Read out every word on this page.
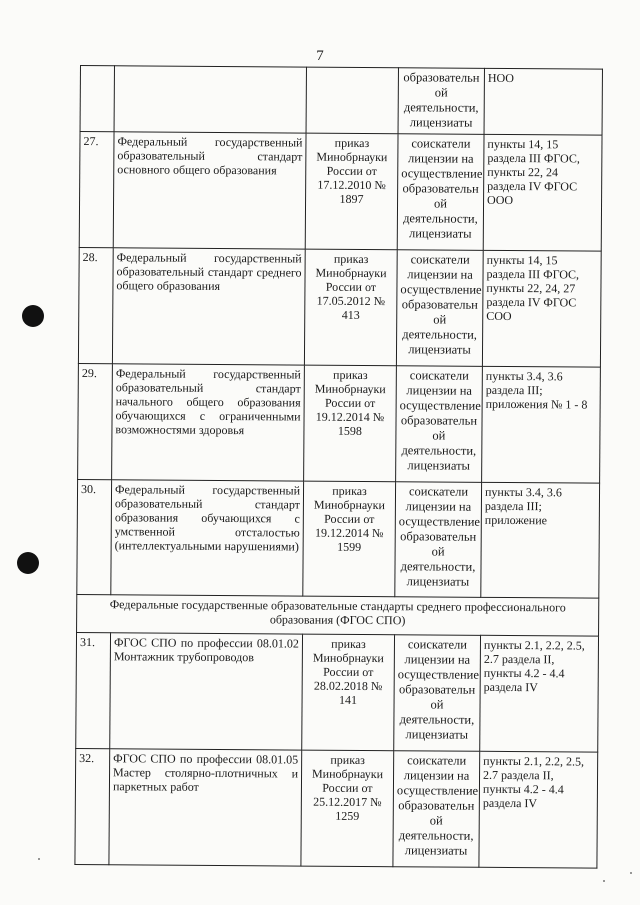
7
			образовательн ой деятельности, лицензиаты	НОО
27.	Федеральный государственный образовательный стандарт основного общего образования	приказ Минобрнауки России от 17.12.2010 № 1897	соискатели лицензии на осуществление образовательн ой деятельности, лицензиаты	пункты 14, 15 раздела III ФГОС, пункты 22, 24 раздела IV ФГОС ООО
28.	Федеральный государственный образовательный стандарт среднего общего образования	приказ Минобрнауки России от 17.05.2012 № 413	соискатели лицензии на осуществление образовательн ой деятельности, лицензиаты	пункты 14, 15 раздела III ФГОС, пункты 22, 24, 27 раздела IV ФГОС СОО
29.	Федеральный государственный образовательный стандарт начального общего образования обучающихся с ограниченными возможностями здоровья	приказ Минобрнауки России от 19.12.2014 № 1598	соискатели лицензии на осуществление образовательн ой деятельности, лицензиаты	пункты 3.4, 3.6 раздела III; приложения № 1 - 8
30.	Федеральный государственный образовательный стандарт образования обучающихся с умственной отсталостью (интеллектуальными нарушениями)	приказ Минобрнауки России от 19.12.2014 № 1599	соискатели лицензии на осуществление образовательн ой деятельности, лицензиаты	пункты 3.4, 3.6 раздела III; приложение
Федеральные государственные образовательные стандарты среднего профессионального образования (ФГОС СПО)				
31.	ФГОС СПО по профессии 08.01.02 Монтажник трубопроводов	приказ Минобрнауки России от 28.02.2018 № 141	соискатели лицензии на осуществление образовательн ой деятельности, лицензиаты	пункты 2.1, 2.2, 2.5, 2.7 раздела II, пункты 4.2 - 4.4 раздела IV
32.	ФГОС СПО по профессии 08.01.05 Мастер столярно-плотничных и паркетных работ	приказ Минобрнауки России от 25.12.2017 № 1259	соискатели лицензии на осуществление образовательн ой деятельности, лицензиаты	пункты 2.1, 2.2, 2.5, 2.7 раздела II, пункты 4.2 - 4.4 раздела IV
